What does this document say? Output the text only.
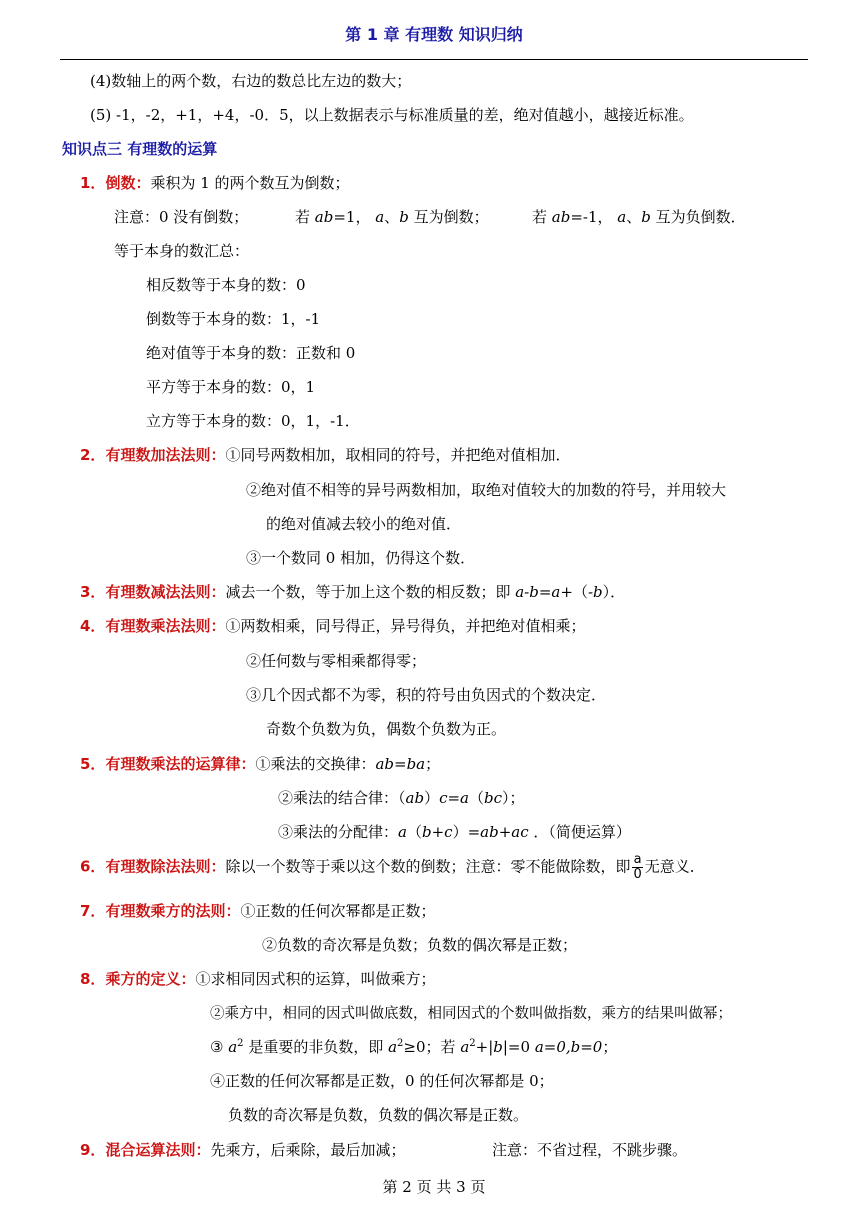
第 1 章 有理数 知识归纳
(4)数轴上的两个数，右边的数总比左边的数大；
(5) -1，-2，+1，+4，-0．5，以上数据表示与标准质量的差，绝对值越小，越接近标准。
知识点三 有理数的运算
1．倒数：乘积为 1 的两个数互为倒数；
注意：0 没有倒数；	若 ab=1， a、b 互为倒数；	若 ab=-1， a、b 互为负倒数．
等于本身的数汇总：
相反数等于本身的数：0
倒数等于本身的数：1，-1
绝对值等于本身的数：正数和 0
平方等于本身的数：0，1
立方等于本身的数：0，1，-1．
2．有理数加法法则：①同号两数相加，取相同的符号，并把绝对值相加．
②绝对值不相等的异号两数相加，取绝对值较大的加数的符号，并用较大
的绝对值减去较小的绝对值．
③一个数同 0 相加，仍得这个数．
3．有理数减法法则：减去一个数，等于加上这个数的相反数；即 a-b=a+（-b）．
4．有理数乘法法则：①两数相乘，同号得正，异号得负，并把绝对值相乘；
②任何数与零相乘都得零；
③几个因式都不为零，积的符号由负因式的个数决定．
奇数个负数为负，偶数个负数为正。
5．有理数乘法的运算律：①乘法的交换律：ab=ba；
②乘法的结合律：（ab）c=a（bc）；
③乘法的分配律：a（b+c）=ab+ac ．（简便运算）
6．有理数除法法则：除以一个数等于乘以这个数的倒数；注意：零不能做除数，即 $\frac{a}{0}$ 无意义．
7．有理数乘方的法则：①正数的任何次幂都是正数；
②负数的奇次幂是负数；负数的偶次幂是正数；
8．乘方的定义：①求相同因式积的运算，叫做乘方；
②乘方中，相同的因式叫做底数，相同因式的个数叫做指数，乘方的结果叫做幂；
③ $a^2$ 是重要的非负数，即 $a^2\ge 0$；若 $a^2+|b|=0$ a=0,b=0；
④正数的任何次幂都是正数，0 的任何次幂都是 0；
负数的奇次幂是负数，负数的偶次幂是正数。
9．混合运算法则：先乘方，后乘除，最后加减；	注意：不省过程，不跳步骤。
第 2 页 共 3 页
